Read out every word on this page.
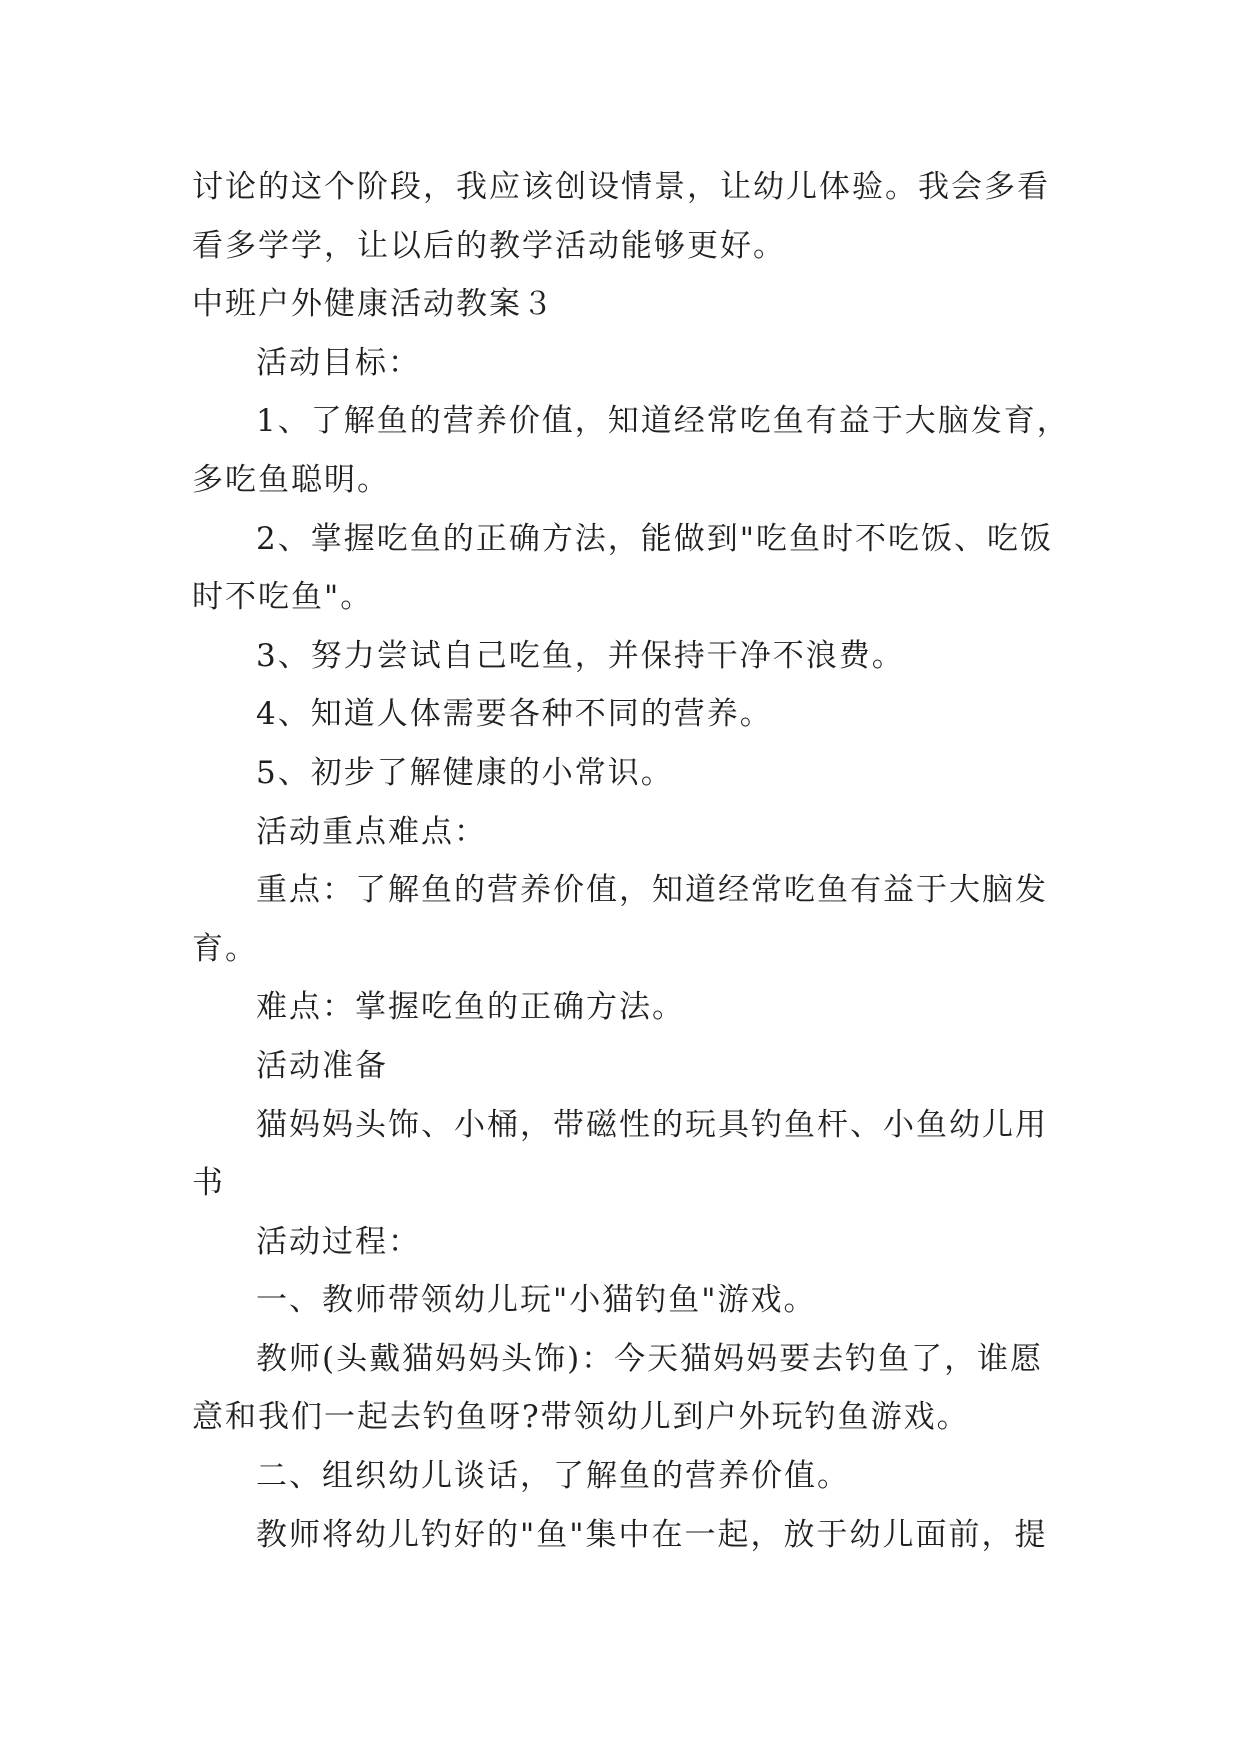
讨论的这个阶段，我应该创设情景，让幼儿体验。我会多看

看多学学，让以后的教学活动能够更好。

中班户外健康活动教案３

活动目标：

1、了解鱼的营养价值，知道经常吃鱼有益于大脑发育，

多吃鱼聪明。

2、掌握吃鱼的正确方法，能做到"吃鱼时不吃饭、吃饭

时不吃鱼"。

3、努力尝试自己吃鱼，并保持干净不浪费。

4、知道人体需要各种不同的营养。

5、初步了解健康的小常识。

活动重点难点：

重点：了解鱼的营养价值，知道经常吃鱼有益于大脑发

育。

难点：掌握吃鱼的正确方法。

活动准备

猫妈妈头饰、小桶，带磁性的玩具钓鱼杆、小鱼幼儿用

书

活动过程：

一、教师带领幼儿玩"小猫钓鱼"游戏。

教师(头戴猫妈妈头饰)：今天猫妈妈要去钓鱼了，谁愿

意和我们一起去钓鱼呀?带领幼儿到户外玩钓鱼游戏。

二、组织幼儿谈话，了解鱼的营养价值。

教师将幼儿钓好的"鱼"集中在一起，放于幼儿面前，提
